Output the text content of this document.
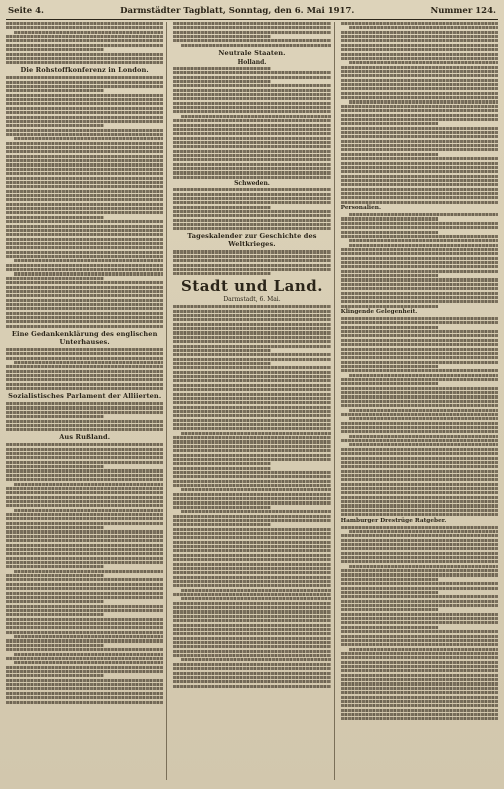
Seite 4.	Darmstädter Tagblatt, Sonntag, den 6. Mai 1917.	Nummer 124.
Die Rohstoffkonferenz in London.
Eine Gedankenklärung des englischen Unterhauses.
Sozialistisches Parlament der Alliierten.
Aus Rußland.
Neutrale Staaten.
Holland.
Schweden.
Tageskalender zur Geschichte des Weltkrieges.
Stadt und Land.
Darmstadt, 6. Mai.
Personalien.
Klingende Gelegenheit.
Hamburger Drestrüge Ratgeber.
